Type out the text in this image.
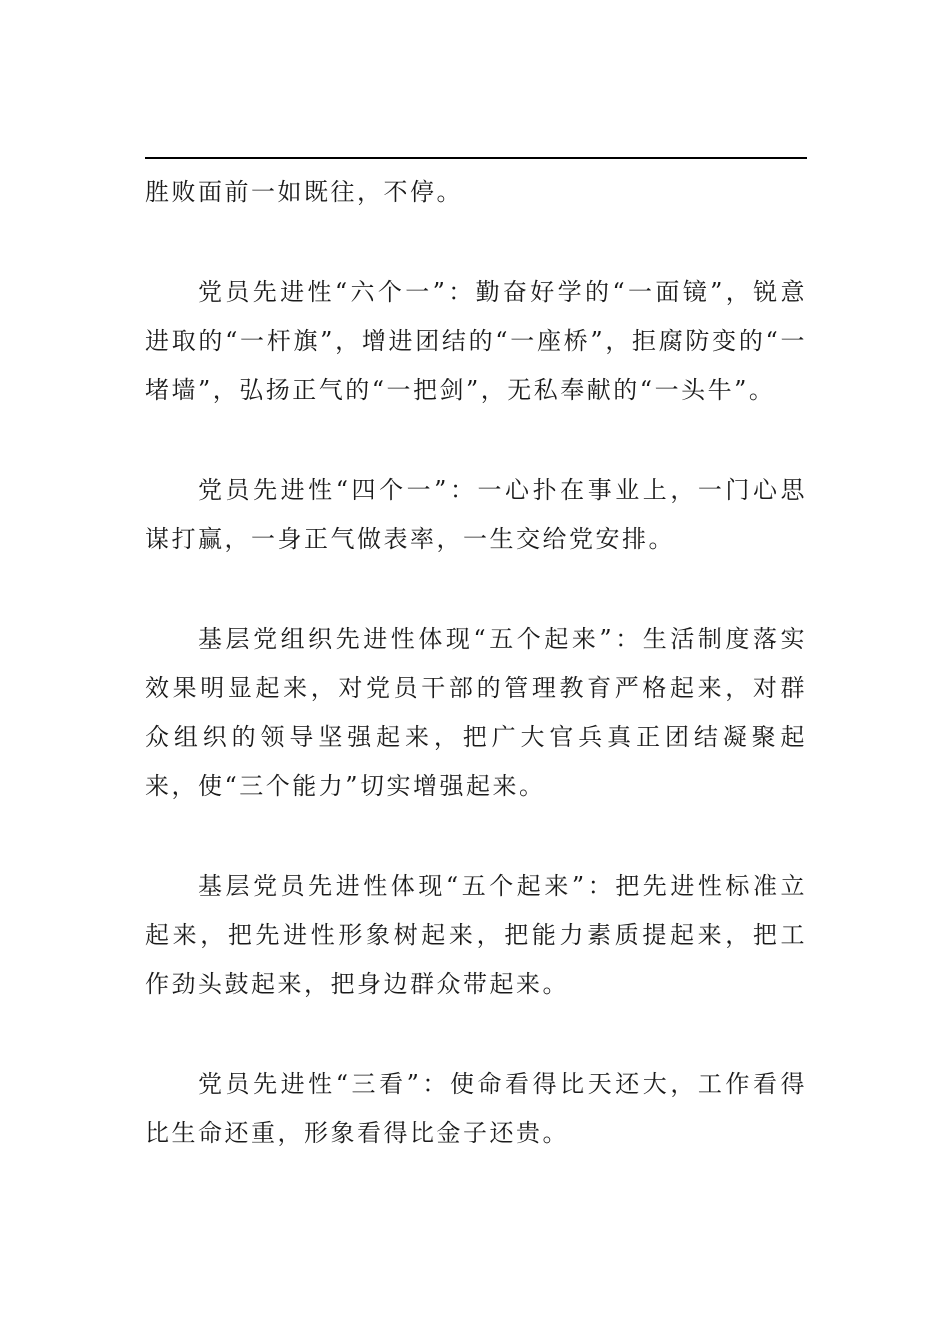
胜败面前一如既往，不停。

党员先进性“六个一”：勤奋好学的“一面镜”，锐意进取的“一杆旗”，增进团结的“一座桥”，拒腐防变的“一堵墙”，弘扬正气的“一把剑”，无私奉献的“一头牛”。

党员先进性“四个一”：一心扑在事业上，一门心思谋打赢，一身正气做表率，一生交给党安排。

基层党组织先进性体现“五个起来”：生活制度落实效果明显起来，对党员干部的管理教育严格起来，对群众组织的领导坚强起来，把广大官兵真正团结凝聚起来，使“三个能力”切实增强起来。

基层党员先进性体现“五个起来”：把先进性标准立起来，把先进性形象树起来，把能力素质提起来，把工作劲头鼓起来，把身边群众带起来。

党员先进性“三看”：使命看得比天还大，工作看得比生命还重，形象看得比金子还贵。
